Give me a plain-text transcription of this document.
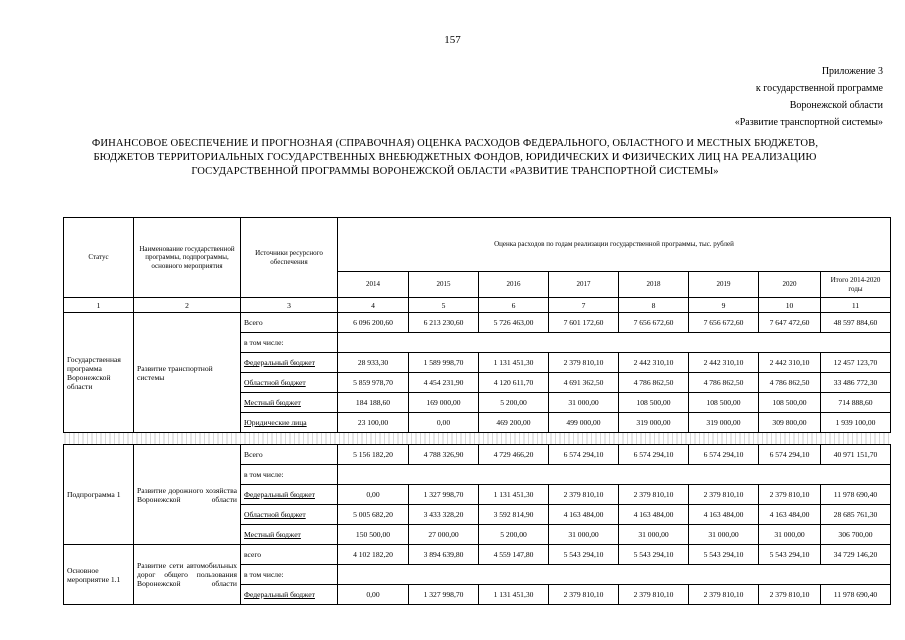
157
Приложение 3
к государственной программе
Воронежской области
«Развитие транспортной системы»
ФИНАНСОВОЕ ОБЕСПЕЧЕНИЕ И ПРОГНОЗНАЯ (СПРАВОЧНАЯ) ОЦЕНКА РАСХОДОВ ФЕДЕРАЛЬНОГО, ОБЛАСТНОГО И МЕСТНЫХ БЮДЖЕТОВ,
БЮДЖЕТОВ ТЕРРИТОРИАЛЬНЫХ ГОСУДАРСТВЕННЫХ ВНЕБЮДЖЕТНЫХ ФОНДОВ, ЮРИДИЧЕСКИХ И ФИЗИЧЕСКИХ ЛИЦ НА РЕАЛИЗАЦИЮ
ГОСУДАРСТВЕННОЙ ПРОГРАММЫ ВОРОНЕЖСКОЙ ОБЛАСТИ «РАЗВИТИЕ ТРАНСПОРТНОЙ СИСТЕМЫ»
Статус	Наименование государственной программы, подпрограммы, основного мероприятия	Источники ресурсного обеспечения	Оценка расходов по годам реализации государственной программы, тыс. рублей							
			2014	2015	2016	2017	2018	2019	2020	Итого 2014-2020 годы
1	2	3	4	5	6	7	8	9	10	11
Государственная программа Воронежской области	Развитие транспортной системы	Всего	6 096 200,60	6 213 230,60	5 726 463,00	7 601 172,60	7 656 672,60	7 656 672,60	7 647 472,60	48 597 884,60
		в том числе:								
		Федеральный бюджет	28 933,30	1 589 998,70	1 131 451,30	2 379 810,10	2 442 310,10	2 442 310,10	2 442 310,10	12 457 123,70
		Областной бюджет	5 859 978,70	4 454 231,90	4 120 611,70	4 691 362,50	4 786 862,50	4 786 862,50	4 786 862,50	33 486 772,30
		Местный бюджет	184 188,60	169 000,00	5 200,00	31 000,00	108 500,00	108 500,00	108 500,00	714 888,60
		Юридические лица	23 100,00	0,00	469 200,00	499 000,00	319 000,00	319 000,00	309 800,00	1 939 100,00

Подпрограмма 1	Развитие дорожного хозяйства Воронежской области	Всего	5 156 182,20	4 788 326,90	4 729 466,20	6 574 294,10	6 574 294,10	6 574 294,10	6 574 294,10	40 971 151,70
		в том числе:								
		Федеральный бюджет	0,00	1 327 998,70	1 131 451,30	2 379 810,10	2 379 810,10	2 379 810,10	2 379 810,10	11 978 690,40
		Областной бюджет	5 005 682,20	3 433 328,20	3 592 814,90	4 163 484,00	4 163 484,00	4 163 484,00	4 163 484,00	28 685 761,30
		Местный бюджет	150 500,00	27 000,00	5 200,00	31 000,00	31 000,00	31 000,00	31 000,00	306 700,00
Основное мероприятие 1.1	Развитие сети автомобильных дорог общего пользования Воронежской области	всего	4 102 182,20	3 894 639,80	4 559 147,80	5 543 294,10	5 543 294,10	5 543 294,10	5 543 294,10	34 729 146,20
		в том числе:								
		Федеральный бюджет	0,00	1 327 998,70	1 131 451,30	2 379 810,10	2 379 810,10	2 379 810,10	2 379 810,10	11 978 690,40
